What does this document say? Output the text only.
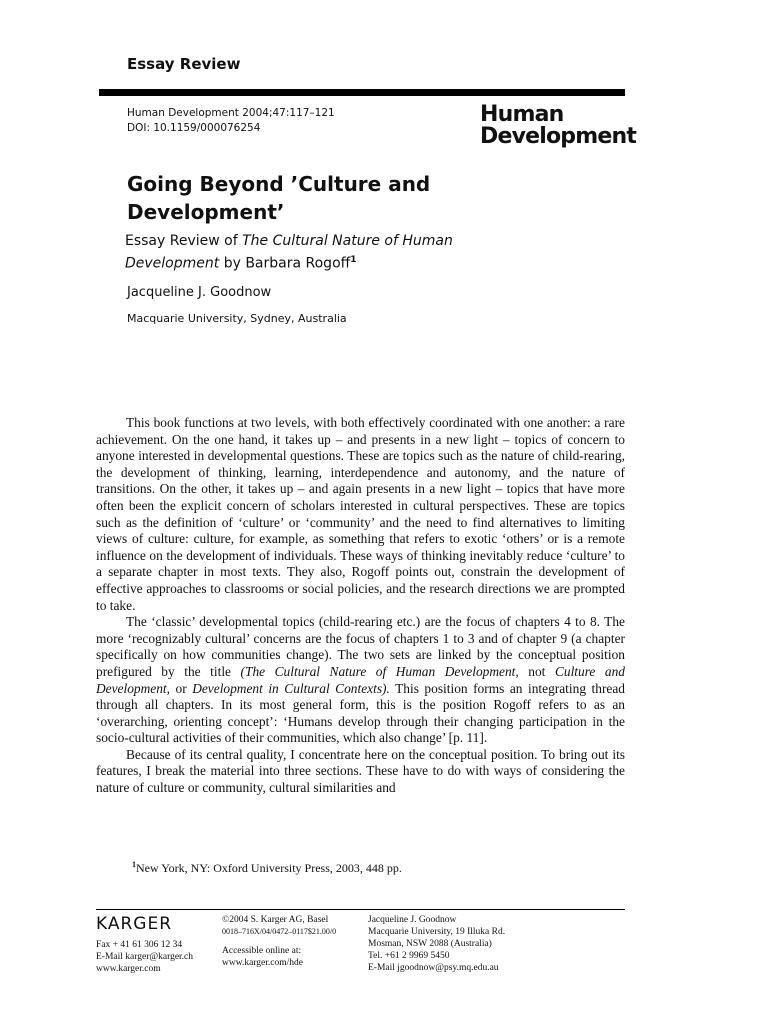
Essay Review
Human Development 2004;47:117–121
DOI: 10.1159/000076254
Human
Development
Going Beyond ’Culture and Development’
Essay Review of The Cultural Nature of Human Development by Barbara Rogoff$^1$
Jacqueline J. Goodnow
Macquarie University, Sydney, Australia

This book functions at two levels, with both effectively coordinated with one another: a rare achievement. On the one hand, it takes up – and presents in a new light – topics of concern to anyone interested in developmental questions. These are topics such as the nature of child-rearing, the development of thinking, learning, interdependence and autonomy, and the nature of transitions. On the other, it takes up – and again presents in a new light – topics that have more often been the explicit concern of scholars interested in cultural perspectives. These are topics such as the definition of ‘culture’ or ‘community’ and the need to find alternatives to limiting views of culture: culture, for example, as something that refers to exotic ‘others’ or is a remote influence on the development of individuals. These ways of thinking inevitably reduce ‘culture’ to a separate chapter in most texts. They also, Rogoff points out, constrain the development of effective approaches to classrooms or social policies, and the research directions we are prompted to take.

The ‘classic’ developmental topics (child-rearing etc.) are the focus of chapters 4 to 8. The more ‘recognizably cultural’ concerns are the focus of chapters 1 to 3 and of chapter 9 (a chapter specifically on how communities change). The two sets are linked by the conceptual position prefigured by the title (The Cultural Nature of Human Development, not Culture and Development, or Development in Cultural Contexts). This position forms an integrating thread through all chapters. In its most general form, this is the position Rogoff refers to as an ‘overarching, orienting concept’: ‘Humans develop through their changing participation in the socio-cultural activities of their communities, which also change’ [p. 11].

Because of its central quality, I concentrate here on the conceptual position. To bring out its features, I break the material into three sections. These have to do with ways of considering the nature of culture or community, cultural similarities and

$^1$New York, NY: Oxford University Press, 2003, 448 pp.
KARGER
Fax + 41 61 306 12 34
E-Mail karger@karger.ch
www.karger.com
©2004 S. Karger AG, Basel
0018–716X/04/0472–0117$21.00/0
Accessible online at:
www.karger.com/hde
Jacqueline J. Goodnow
Macquarie University, 19 Illuka Rd.
Mosman, NSW 2088 (Australia)
Tel. +61 2 9969 5450
E-Mail jgoodnow@psy.mq.edu.au
